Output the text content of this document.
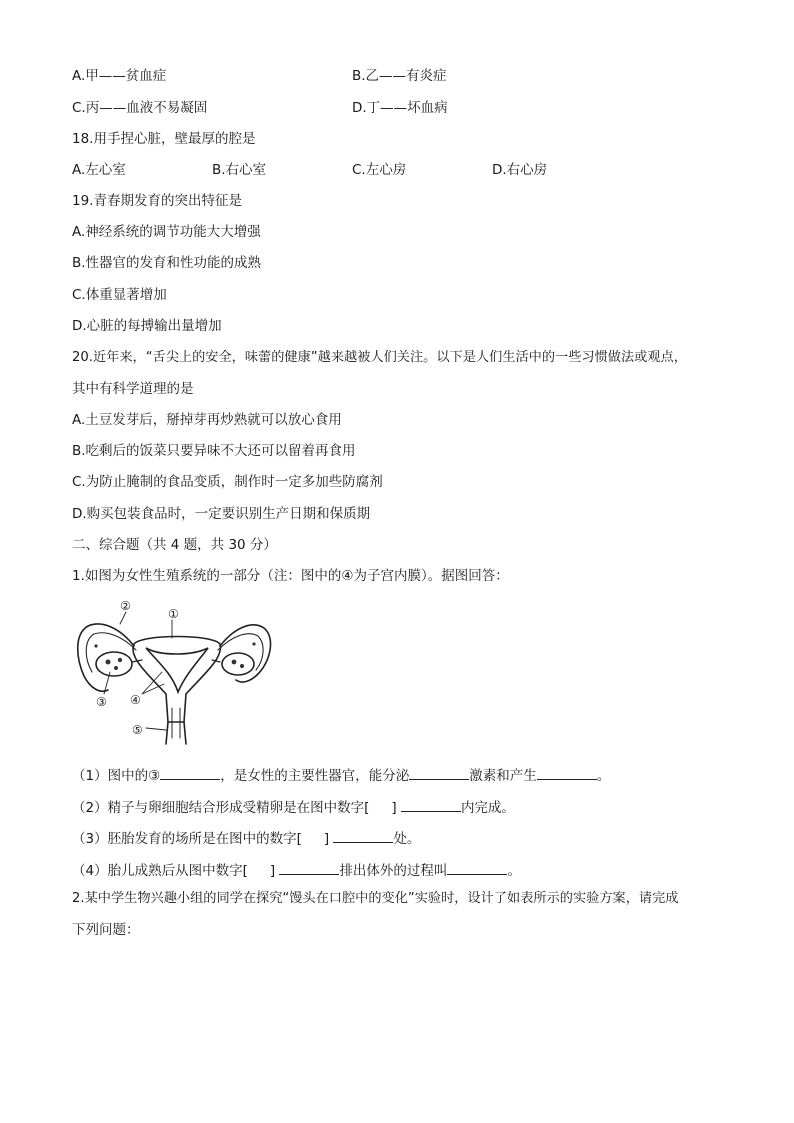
A.甲——贫血症	B.乙——有炎症
C.丙——血液不易凝固	D.丁——坏血病
18.用手捏心脏，壁最厚的腔是
A.左心室	B.右心室	C.左心房	D.右心房
19.青春期发育的突出特征是
A.神经系统的调节功能大大增强
B.性器官的发育和性功能的成熟
C.体重显著增加
D.心脏的每搏输出量增加
20.近年来，“舌尖上的安全，味蕾的健康”越来越被人们关注。以下是人们生活中的一些习惯做法或观点，
其中有科学道理的是
A.土豆发芽后，掰掉芽再炒熟就可以放心食用
B.吃剩后的饭菜只要异味不大还可以留着再食用
C.为防止腌制的食品变质，制作时一定多加些防腐剂
D.购买包装食品时，一定要识别生产日期和保质期
二、综合题（共 4 题，共 30 分）
1.如图为女性生殖系统的一部分（注：图中的④为子宫内膜）。据图回答：
②
①
③ ④
⑤
（1）图中的③	，是女性的主要性器官，能分泌	激素和产生	。
（2）精子与卵细胞结合形成受精卵是在图中数字[ ]	内完成。
（3）胚胎发育的场所是在图中的数字[ ]	处。
（4）胎儿成熟后从图中数字[ ]	排出体外的过程叫	。
2.某中学生物兴趣小组的同学在探究“馒头在口腔中的变化”实验时，设计了如表所示的实验方案，请完成
下列问题：
